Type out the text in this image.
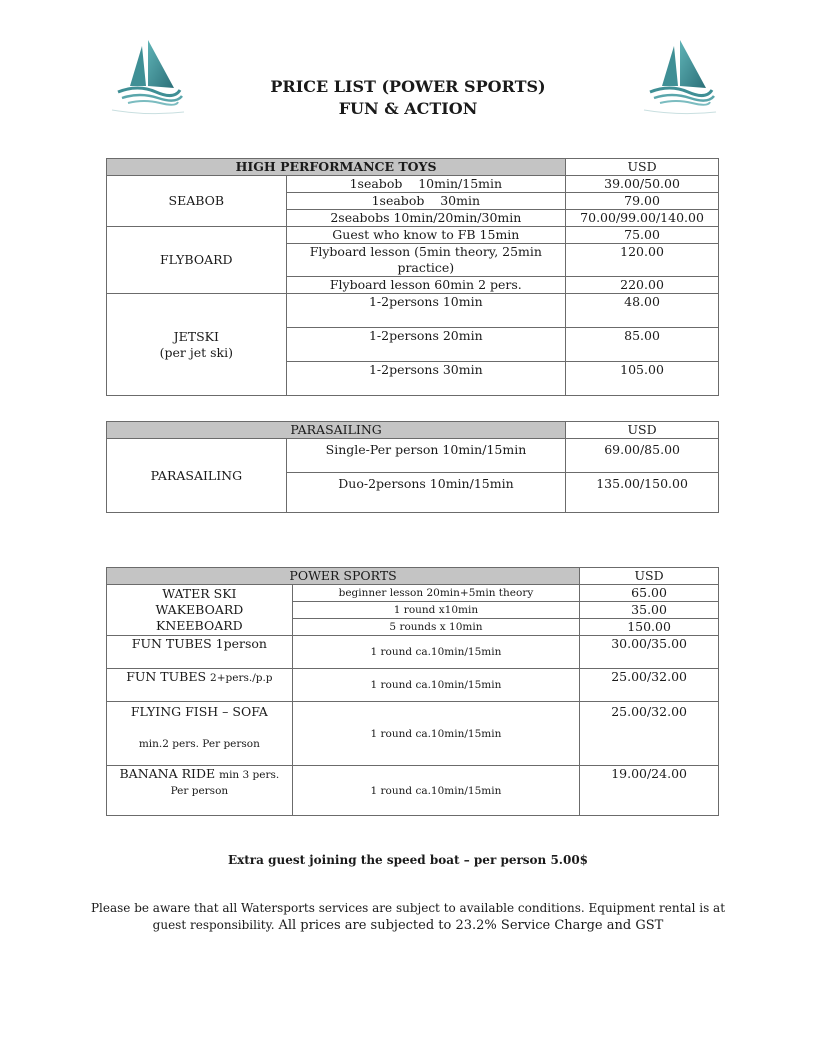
PRICE LIST (POWER SPORTS)
FUN & ACTION
HIGH PERFORMANCE TOYS		USD
SEABOB	1seabob    10min/15min	39.00/50.00
	1seabob    30min	79.00
	2seabobs 10min/20min/30min	70.00/99.00/140.00
FLYBOARD	Guest who know to FB 15min	75.00
	Flyboard lesson (5min theory, 25min practice)	120.00
	Flyboard lesson 60min 2 pers.	220.00

JETSKI
(per jet ski)	1-2persons 10min	48.00
	1-2persons 20min	85.00
	1-2persons 30min	105.00
PARASAILING		USD
PARASAILING	Single-Per person 10min/15min	69.00/85.00
	Duo-2persons 10min/15min	135.00/150.00
POWER SPORTS		USD

WATER SKI
WAKEBOARD
KNEEBOARD	beginner lesson 20min+5min theory	65.00
	1 round x10min	35.00
	5 rounds x 10min	150.00
FUN TUBES 1person	1 round ca.10min/15min	30.00/35.00
FUN TUBES 2+pers./p.p	1 round ca.10min/15min	25.00/32.00

FLYING FISH – SOFA
min.2 pers. Per person	1 round ca.10min/15min	25.00/32.00

BANANA RIDE min 3 pers.
Per person	1 round ca.10min/15min	19.00/24.00
Extra guest joining the speed boat – per person 5.00$
Please be aware that all Watersports services are subject to available conditions. Equipment rental is at guest responsibility. All prices are subjected to 23.2% Service Charge and GST
